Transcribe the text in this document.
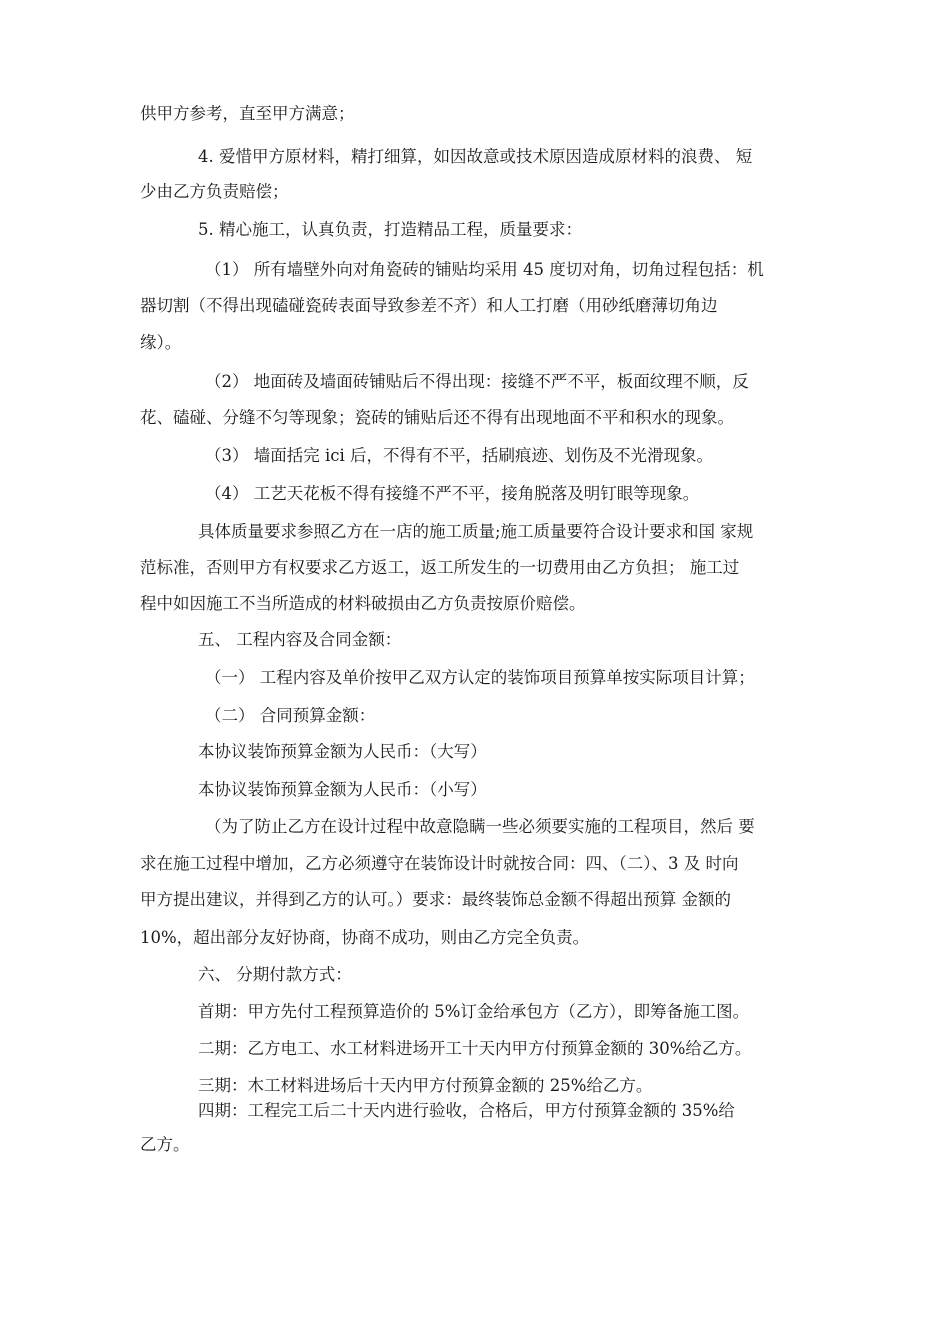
供甲方参考，直至甲方满意；
4. 爱惜甲方原材料，精打细算，如因故意或技术原因造成原材料的浪费、 短
少由乙方负责赔偿；
5. 精心施工，认真负责，打造精品工程，质量要求：
（1） 所有墙壁外向对角瓷砖的铺贴均采用 45 度切对角，切角过程包括：机
器切割（不得出现磕碰瓷砖表面导致参差不齐）和人工打磨（用砂纸磨薄切角边
缘）。
（2） 地面砖及墙面砖铺贴后不得出现：接缝不严不平，板面纹理不顺，反
花、磕碰、分缝不匀等现象；瓷砖的铺贴后还不得有出现地面不平和积水的现象。
（3） 墙面括完 ici 后，不得有不平，括刷痕迹、划伤及不光滑现象。
（4） 工艺天花板不得有接缝不严不平，接角脱落及明钉眼等现象。
具体质量要求参照乙方在一店的施工质量;施工质量要符合设计要求和国 家规
范标准，否则甲方有权要求乙方返工，返工所发生的一切费用由乙方负担； 施工过
程中如因施工不当所造成的材料破损由乙方负责按原价赔偿。
五、 工程内容及合同金额：
（一） 工程内容及单价按甲乙双方认定的装饰项目预算单按实际项目计算；
（二） 合同预算金额：
本协议装饰预算金额为人民币：（大写）
本协议装饰预算金额为人民币：（小写）
（为了防止乙方在设计过程中故意隐瞒一些必须要实施的工程项目，然后 要
求在施工过程中增加，乙方必须遵守在装饰设计时就按合同：四、（二）、3 及 时向
甲方提出建议，并得到乙方的认可。）要求：最终装饰总金额不得超出预算 金额的
10%，超出部分友好协商，协商不成功，则由乙方完全负责。
六、 分期付款方式：
首期：甲方先付工程预算造价的 5%订金给承包方（乙方），即筹备施工图。
二期：乙方电工、水工材料进场开工十天内甲方付预算金额的 30%给乙方。
三期：木工材料进场后十天内甲方付预算金额的 25%给乙方。
四期：工程完工后二十天内进行验收，合格后，甲方付预算金额的 35%给
乙方。
